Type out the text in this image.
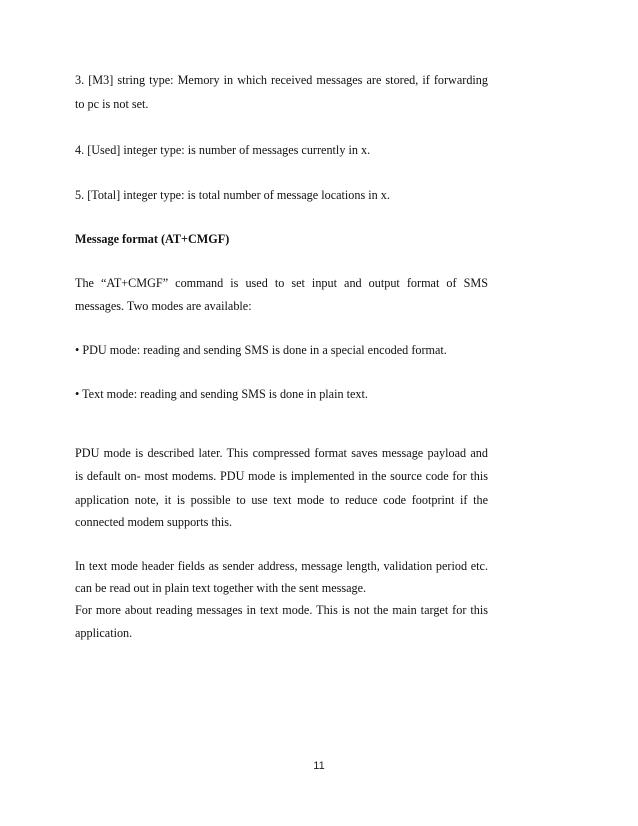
3. [M3] string type: Memory in which received messages are stored, if forwarding
to pc is not set.
4. [Used] integer type: is number of messages currently in x.
5. [Total] integer type: is total number of message locations in x.
Message format (AT+CMGF)
The “AT+CMGF” command is used to set input and output format of SMS
messages. Two modes are available:
• PDU mode: reading and sending SMS is done in a special encoded format.
• Text mode: reading and sending SMS is done in plain text.
PDU mode is described later. This compressed format saves message payload and
is default on- most modems. PDU mode is implemented in the source code for this
application note, it is possible to use text mode to reduce code footprint if the
connected modem supports this.
In text mode header fields as sender address, message length, validation period etc.
can be read out in plain text together with the sent message.
For more about reading messages in text mode. This is not the main target for this
application.
11
